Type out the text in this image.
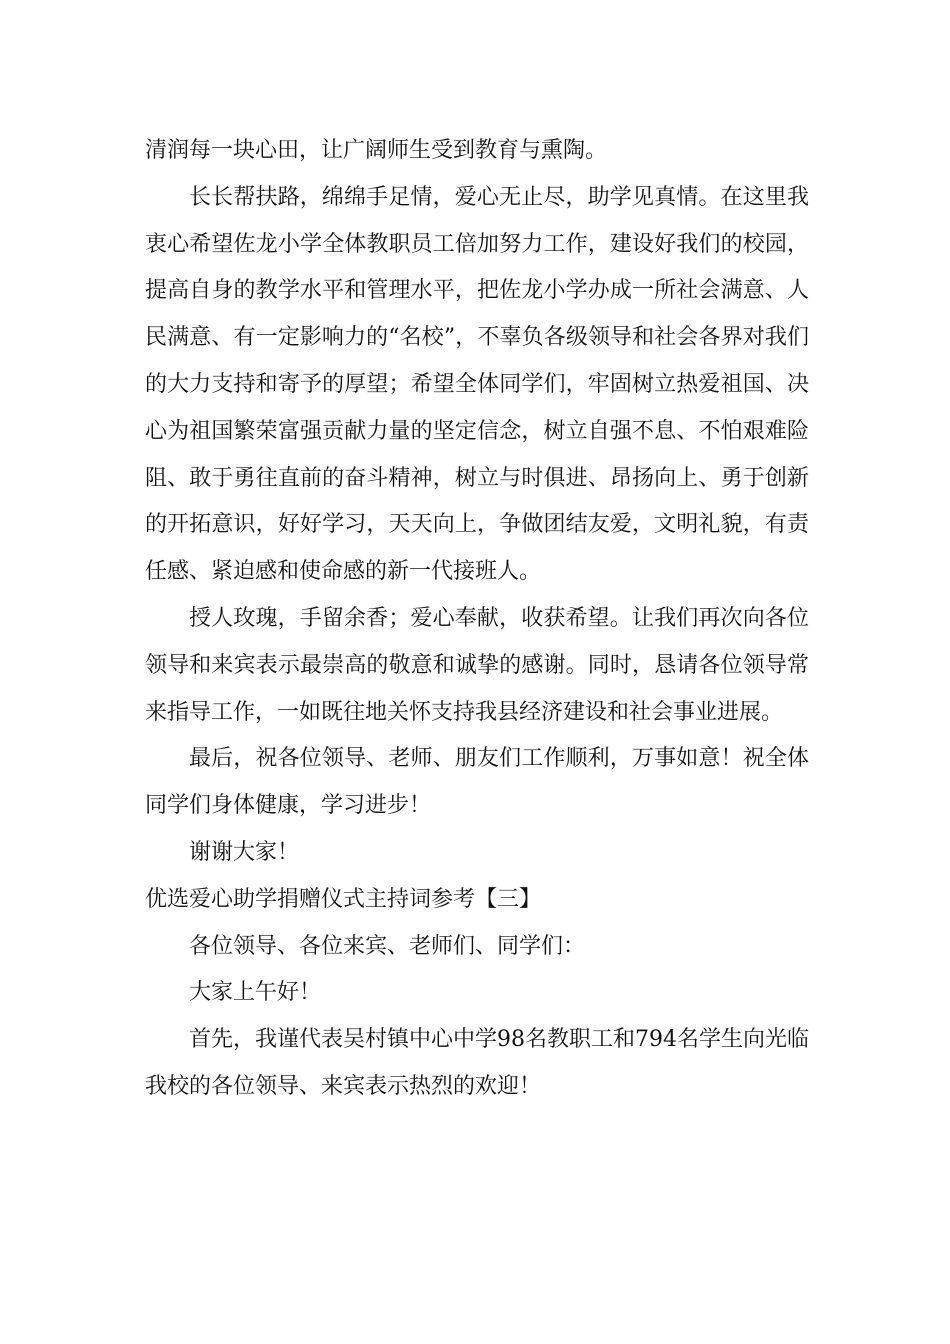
清润每一块心田，让广阔师生受到教育与熏陶。

长长帮扶路，绵绵手足情，爱心无止尽，助学见真情。在这里我衷心希望佐龙小学全体教职员工倍加努力工作，建设好我们的校园，提高自身的教学水平和管理水平，把佐龙小学办成一所社会满意、人民满意、有一定影响力的“名校”，不辜负各级领导和社会各界对我们的大力支持和寄予的厚望；希望全体同学们，牢固树立热爱祖国、决心为祖国繁荣富强贡献力量的坚定信念，树立自强不息、不怕艰难险阻、敢于勇往直前的奋斗精神，树立与时俱进、昂扬向上、勇于创新的开拓意识，好好学习，天天向上，争做团结友爱，文明礼貌，有责任感、紧迫感和使命感的新一代接班人。

授人玫瑰，手留余香；爱心奉献，收获希望。让我们再次向各位领导和来宾表示最崇高的敬意和诚挚的感谢。同时，恳请各位领导常来指导工作，一如既往地关怀支持我县经济建设和社会事业进展。

最后，祝各位领导、老师、朋友们工作顺利，万事如意！祝全体同学们身体健康，学习进步！

谢谢大家！

优选爱心助学捐赠仪式主持词参考【三】

各位领导、各位来宾、老师们、同学们：

大家上午好！

首先，我谨代表吴村镇中心中学98名教职工和794名学生向光临我校的各位领导、来宾表示热烈的欢迎！
